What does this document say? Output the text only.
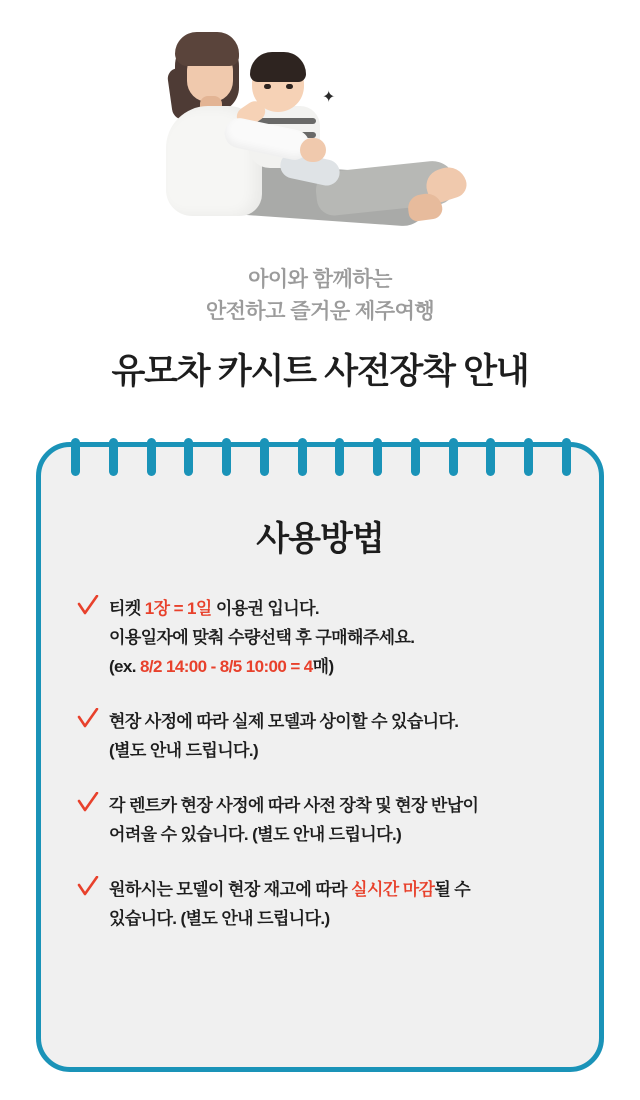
✦
아이와 함께하는
안전하고 즐거운 제주여행
유모차 카시트 사전장착 안내
사용방법
티켓 1장 = 1일 이용권 입니다.
이용일자에 맞춰 수량선택 후 구매해주세요.
(ex. 8/2 14:00 - 8/5 10:00 = 4매)
현장 사정에 따라 실제 모델과 상이할 수 있습니다.
(별도 안내 드립니다.)
각 렌트카 현장 사정에 따라 사전 장착 및 현장 반납이
어려울 수 있습니다. (별도 안내 드립니다.)
원하시는 모델이 현장 재고에 따라 실시간 마감될 수
있습니다. (별도 안내 드립니다.)
